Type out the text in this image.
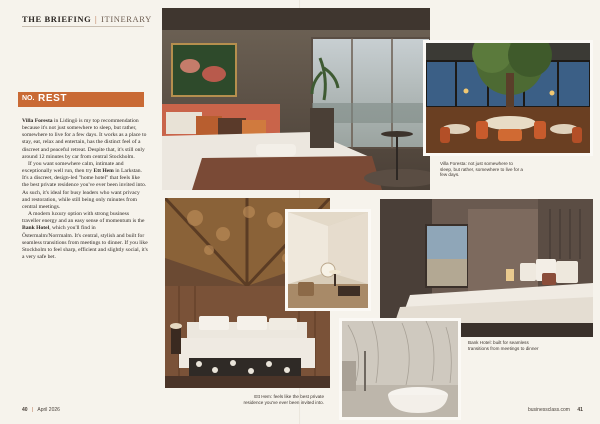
THE BRIEFING | ITINERARY
NO. REST

Villa Foresta in Lidingö is my top recommendation because it's not just somewhere to sleep, but rather, somewhere to live for a few days. It works as a place to stay, eat, relax and entertain, has the distinct feel of a discreet and peaceful retreat. Despite that, it's still only around 12 minutes by car from central Stockholm.

If you want somewhere calm, intimate and exceptionally well run, then try Ett Hem in Larkstan. It's a discreet, design-led "home hotel" that feels like the best private residence you've ever been invited into. As such, it's ideal for busy leaders who want privacy and restoration, while still being only minutes from central meetings.

A modern luxury option with strong business traveller energy and an easy sense of momentum is the Bank Hotel, which you'll find in Östermalm/Norrmalm. It's central, stylish and built for seamless transitions from meetings to dinner. If you like Stockholm to feel sharp, efficient and slightly social, it's a very safe bet.

Villa Foresta: not just somewhere to sleep, but rather, somewhere to live for a few days.
Ett Hem: feels like the best private residence you've ever been invited into.
Bank Hotel: built for seamless transitions from meetings to dinner
40 | April 2026	businessclass.com 41
